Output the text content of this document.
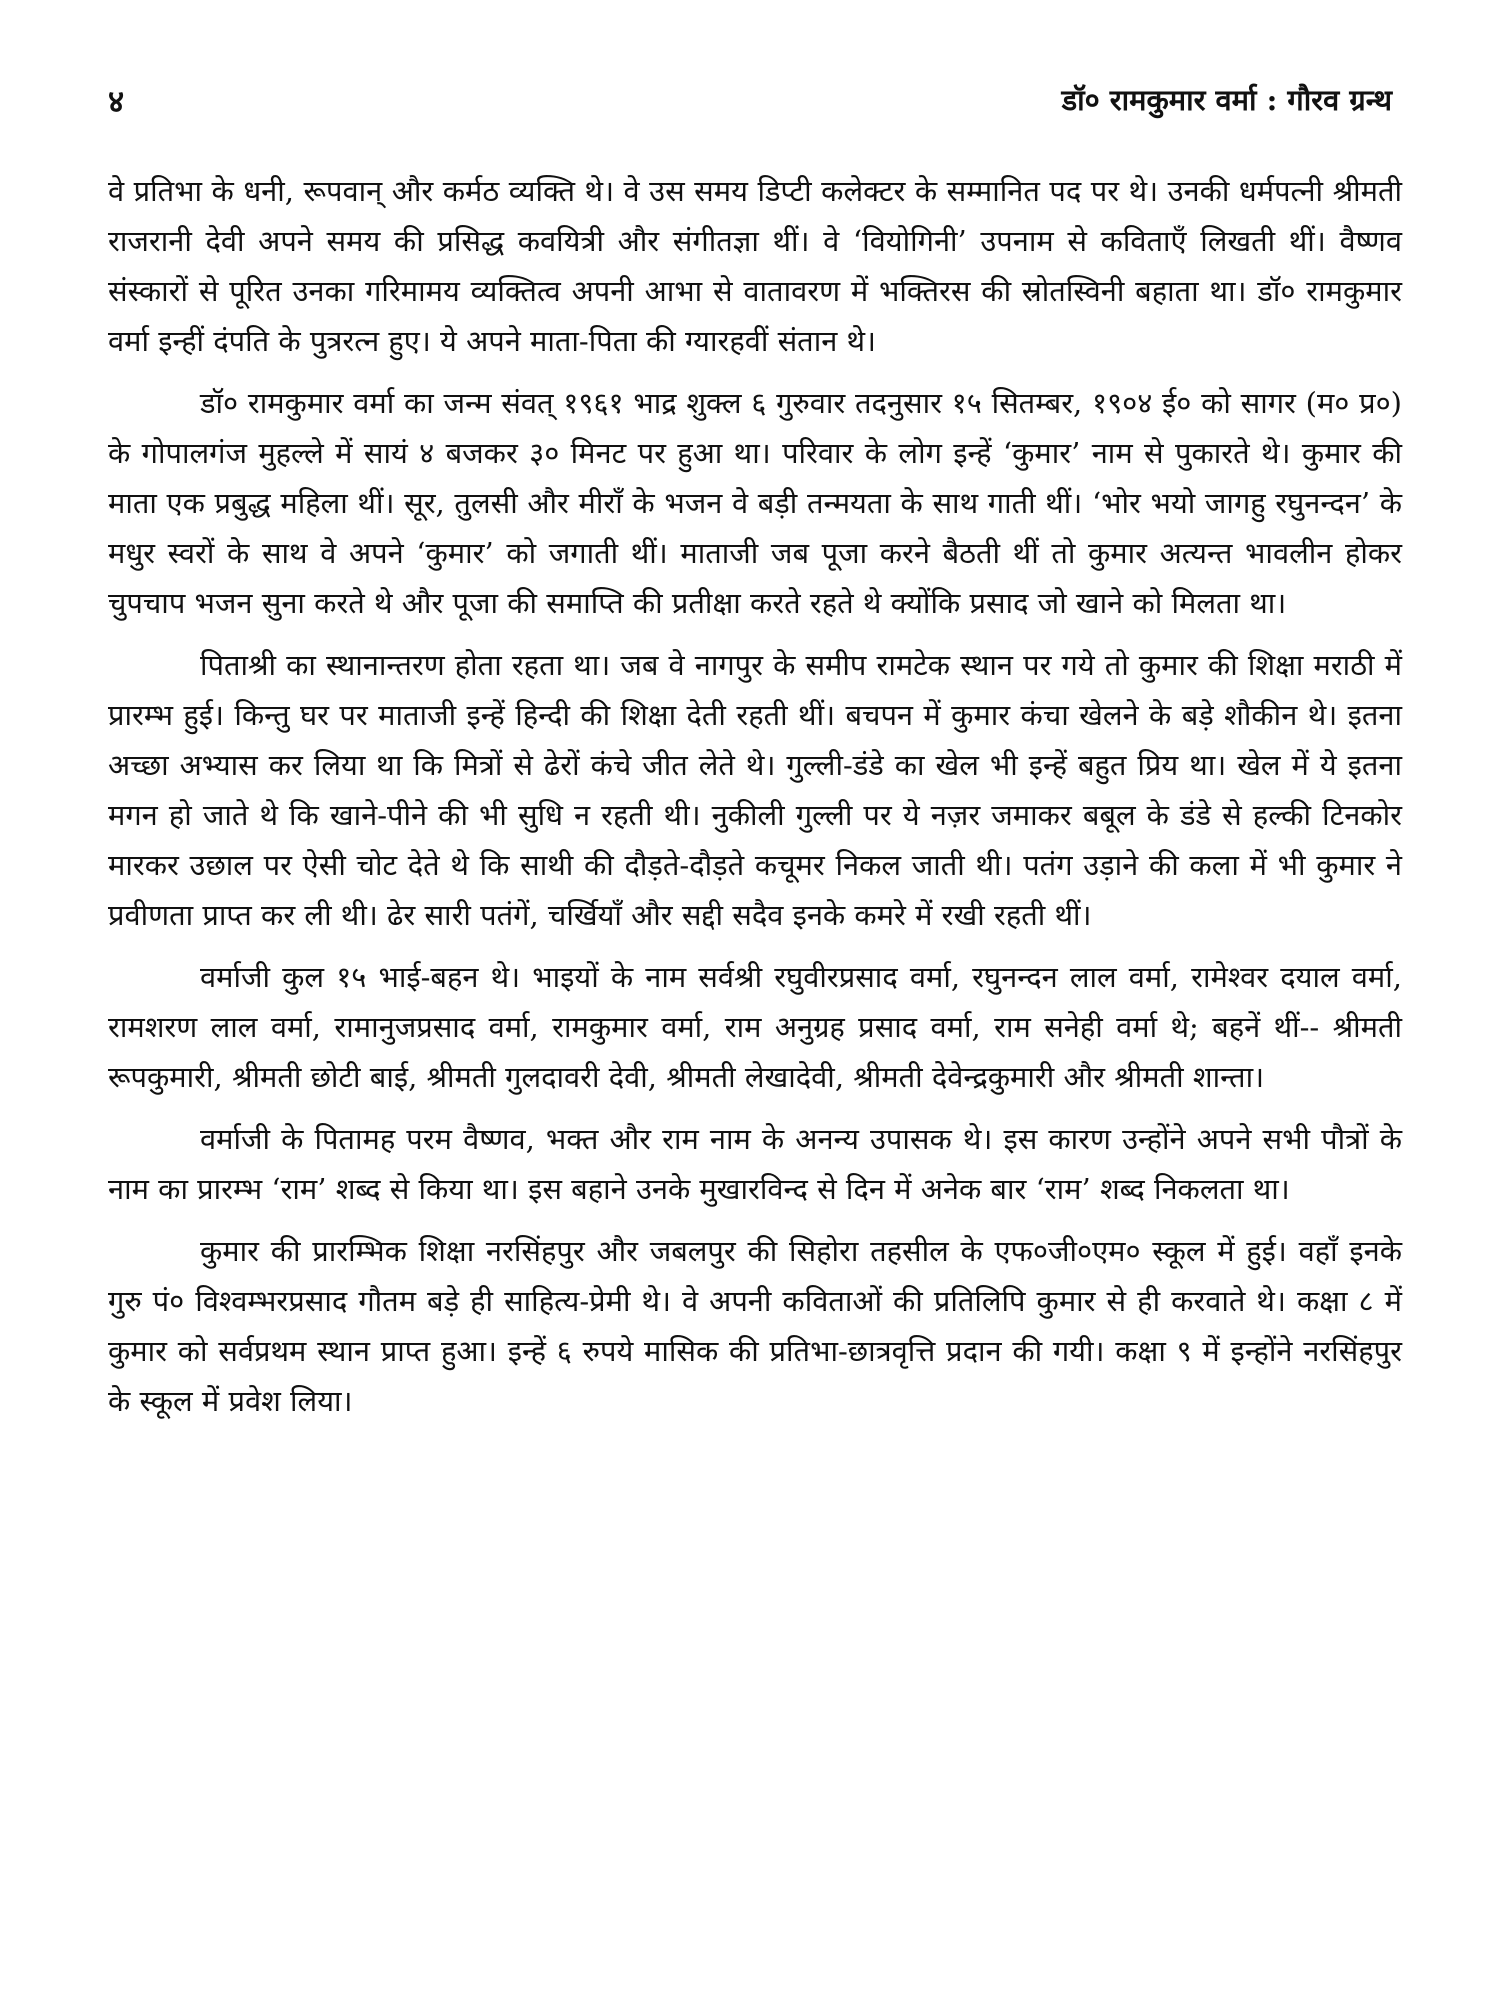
४	डॉ० रामकुमार वर्मा : गौरव ग्रन्थ

वे प्रतिभा के धनी, रूपवान् और कर्मठ व्यक्ति थे। वे उस समय डिप्टी कलेक्टर के सम्मानित पद पर थे। उनकी धर्मपत्नी श्रीमती राजरानी देवी अपने समय की प्रसिद्ध कवयित्री और संगीतज्ञा थीं। वे ‘वियोगिनी’ उपनाम से कविताएँ लिखती थीं। वैष्णव संस्कारों से पूरित उनका गरिमामय व्यक्तित्व अपनी आभा से वातावरण में भक्तिरस की स्रोतस्विनी बहाता था। डॉ० रामकुमार वर्मा इन्हीं दंपति के पुत्ररत्न हुए। ये अपने माता-पिता की ग्यारहवीं संतान थे।

डॉ० रामकुमार वर्मा का जन्म संवत् १९६१ भाद्र शुक्ल ६ गुरुवार तदनुसार १५ सितम्बर, १९०४ ई० को सागर (म० प्र०) के गोपालगंज मुहल्ले में सायं ४ बजकर ३० मिनट पर हुआ था। परिवार के लोग इन्हें ‘कुमार’ नाम से पुकारते थे। कुमार की माता एक प्रबुद्ध महिला थीं। सूर, तुलसी और मीराँ के भजन वे बड़ी तन्मयता के साथ गाती थीं। ‘भोर भयो जागहु रघुनन्दन’ के मधुर स्वरों के साथ वे अपने ‘कुमार’ को जगाती थीं। माताजी जब पूजा करने बैठती थीं तो कुमार अत्यन्त भावलीन होकर चुपचाप भजन सुना करते थे और पूजा की समाप्ति की प्रतीक्षा करते रहते थे क्योंकि प्रसाद जो खाने को मिलता था।

पिताश्री का स्थानान्तरण होता रहता था। जब वे नागपुर के समीप रामटेक स्थान पर गये तो कुमार की शिक्षा मराठी में प्रारम्भ हुई। किन्तु घर पर माताजी इन्हें हिन्दी की शिक्षा देती रहती थीं। बचपन में कुमार कंचा खेलने के बड़े शौकीन थे। इतना अच्छा अभ्यास कर लिया था कि मित्रों से ढेरों कंचे जीत लेते थे। गुल्ली-डंडे का खेल भी इन्हें बहुत प्रिय था। खेल में ये इतना मगन हो जाते थे कि खाने-पीने की भी सुधि न रहती थी। नुकीली गुल्ली पर ये नज़र जमाकर बबूल के डंडे से हल्की टिनकोर मारकर उछाल पर ऐसी चोट देते थे कि साथी की दौड़ते-दौड़ते कचूमर निकल जाती थी। पतंग उड़ाने की कला में भी कुमार ने प्रवीणता प्राप्त कर ली थी। ढेर सारी पतंगें, चर्खियाँ और सद्दी सदैव इनके कमरे में रखी रहती थीं।

वर्माजी कुल १५ भाई-बहन थे। भाइयों के नाम सर्वश्री रघुवीरप्रसाद वर्मा, रघुनन्दन लाल वर्मा, रामेश्वर दयाल वर्मा, रामशरण लाल वर्मा, रामानुजप्रसाद वर्मा, रामकुमार वर्मा, राम अनुग्रह प्रसाद वर्मा, राम सनेही वर्मा थे; बहनें थीं-- श्रीमती रूपकुमारी, श्रीमती छोटी बाई, श्रीमती गुलदावरी देवी, श्रीमती लेखादेवी, श्रीमती देवेन्द्रकुमारी और श्रीमती शान्ता।

वर्माजी के पितामह परम वैष्णव, भक्त और राम नाम के अनन्य उपासक थे। इस कारण उन्होंने अपने सभी पौत्रों के नाम का प्रारम्भ ‘राम’ शब्द से किया था। इस बहाने उनके मुखारविन्द से दिन में अनेक बार ‘राम’ शब्द निकलता था।

कुमार की प्रारम्भिक शिक्षा नरसिंहपुर और जबलपुर की सिहोरा तहसील के एफ०जी०एम० स्कूल में हुई। वहाँ इनके गुरु पं० विश्वम्भरप्रसाद गौतम बड़े ही साहित्य-प्रेमी थे। वे अपनी कविताओं की प्रतिलिपि कुमार से ही करवाते थे। कक्षा ८ में कुमार को सर्वप्रथम स्थान प्राप्त हुआ। इन्हें ६ रुपये मासिक की प्रतिभा-छात्रवृत्ति प्रदान की गयी। कक्षा ९ में इन्होंने नरसिंहपुर के स्कूल में प्रवेश लिया।
